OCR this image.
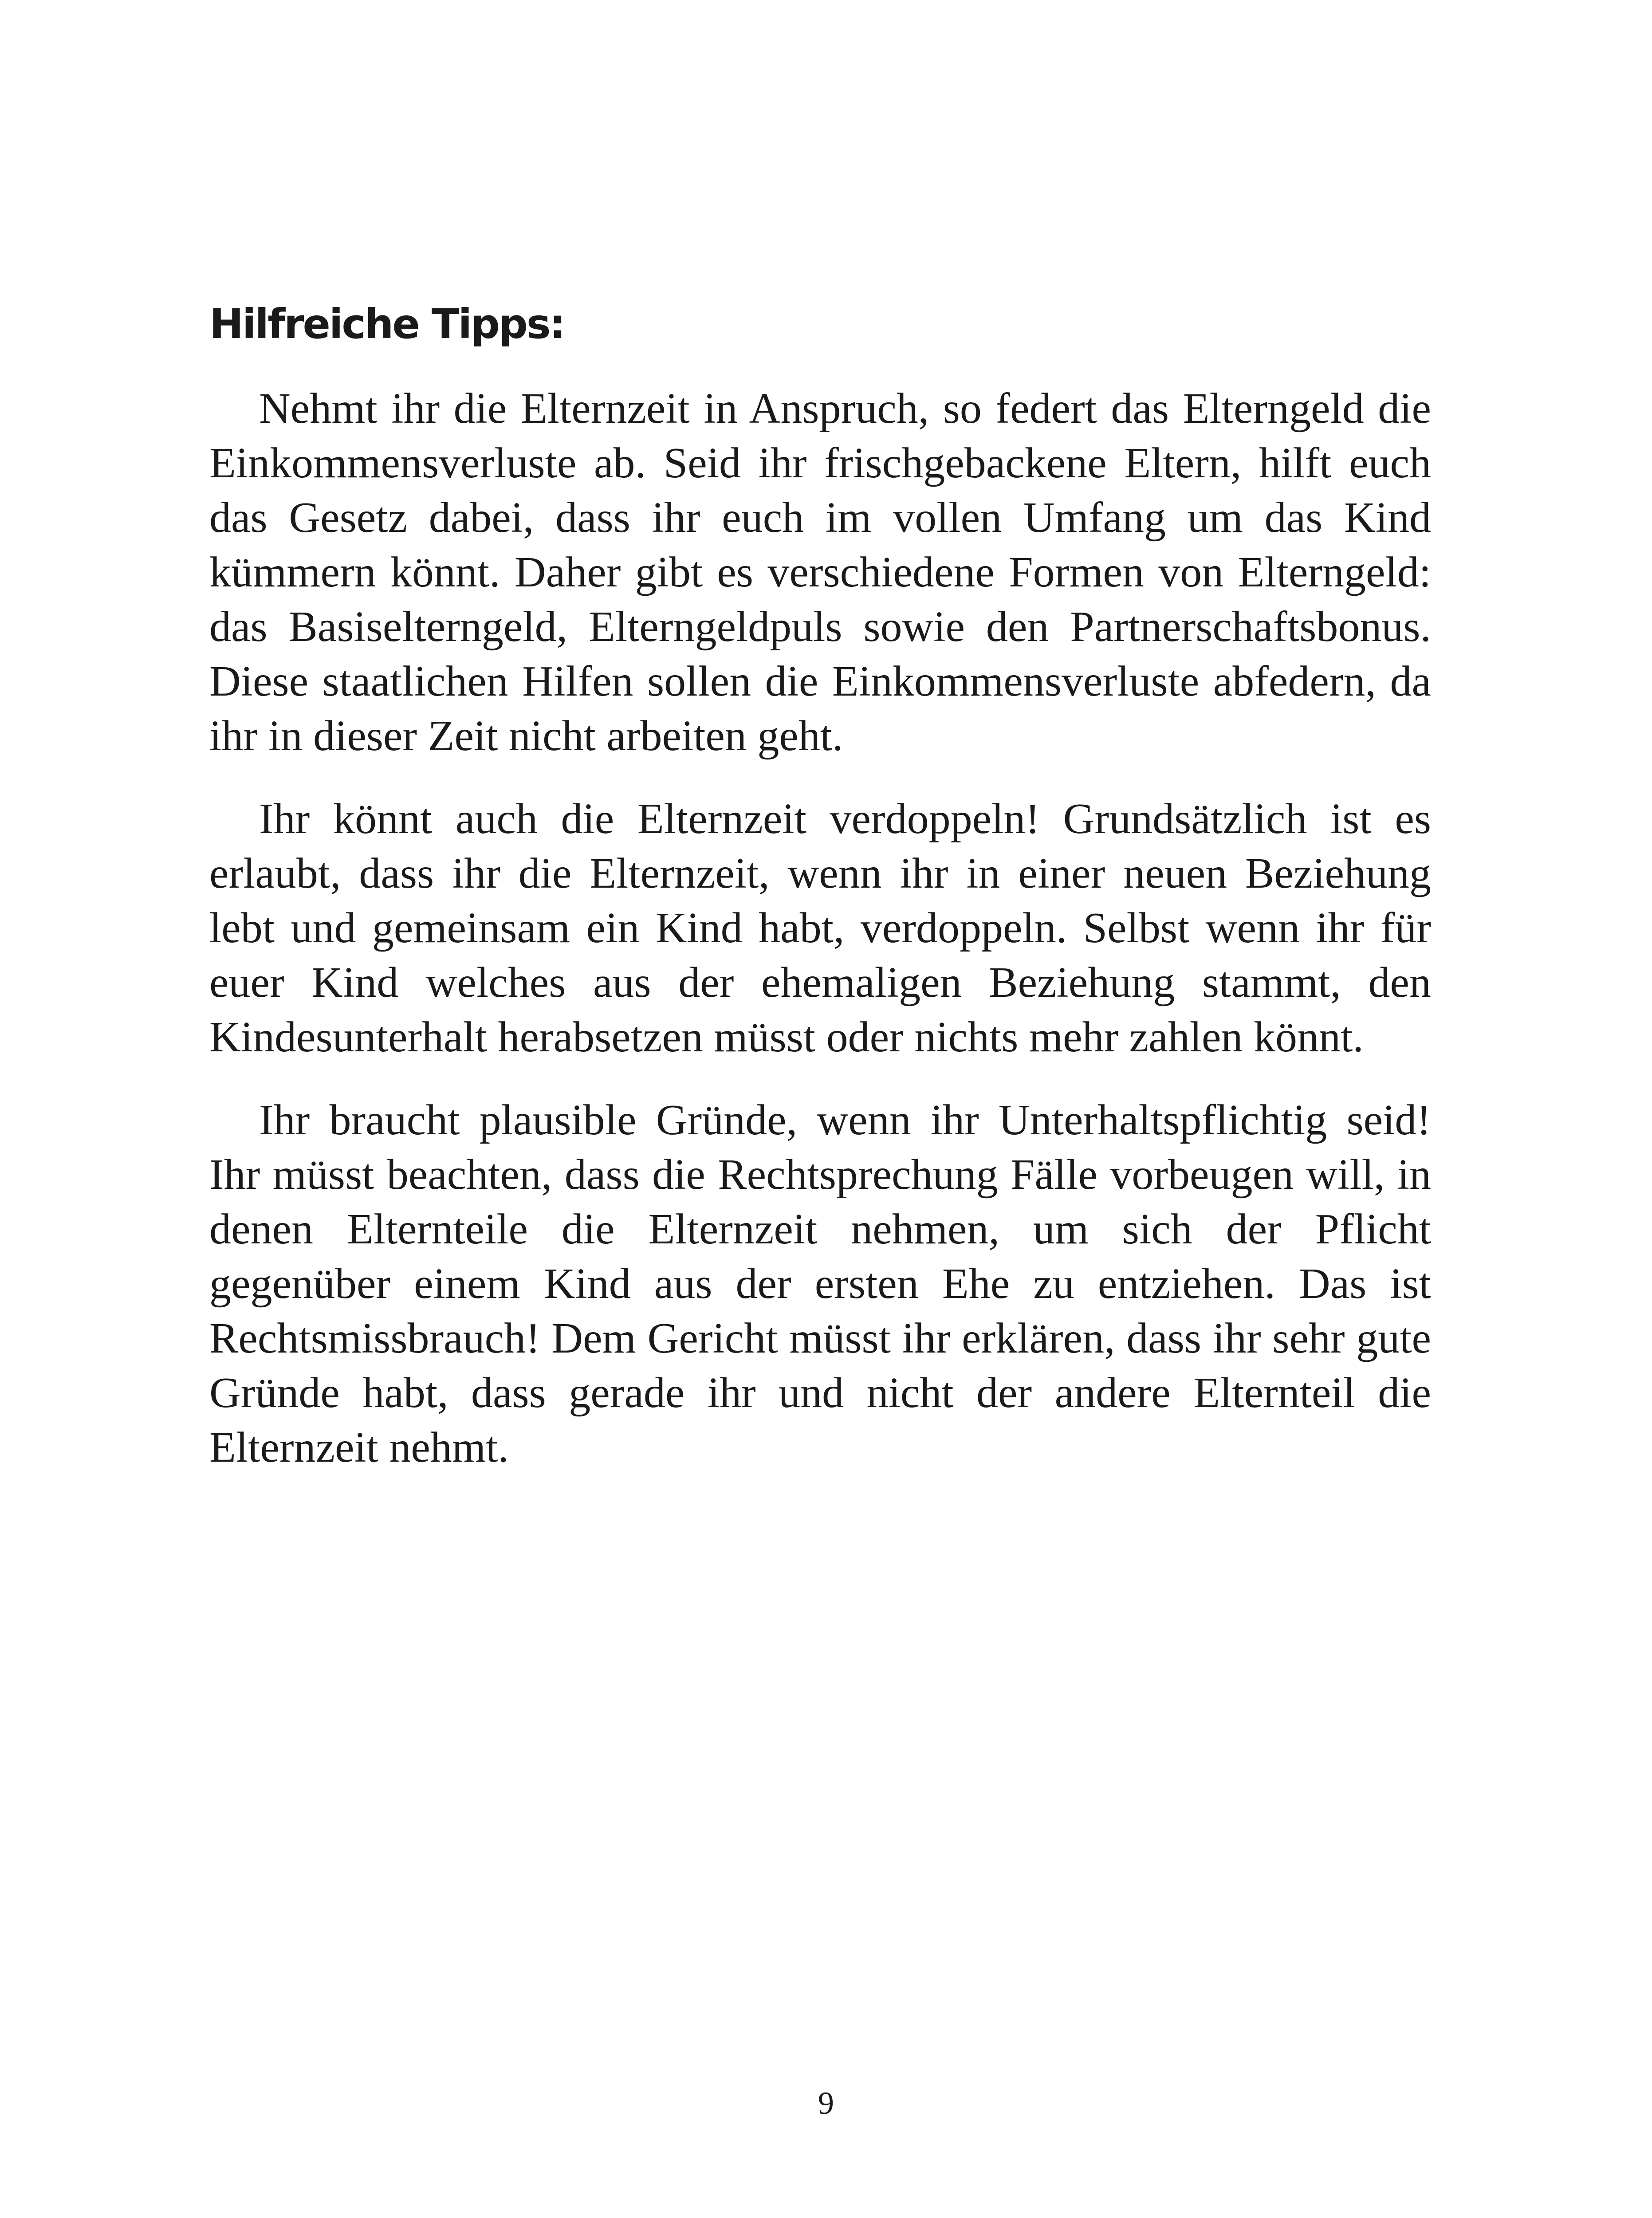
Hilfreiche Tipps:

Nehmt ihr die Elternzeit in Anspruch, so federt das Elterngeld die Einkommensverluste ab. Seid ihr frischgebackene Eltern, hilft euch das Gesetz dabei, dass ihr euch im vollen Umfang um das Kind kümmern könnt. Daher gibt es verschiedene Formen von Elterngeld: das Basiselterngeld, Elterngeldpuls sowie den Partnerschaftsbonus. Diese staatlichen Hilfen sollen die Einkommensverluste abfedern, da ihr in dieser Zeit nicht arbeiten geht.

Ihr könnt auch die Elternzeit verdoppeln! Grundsätzlich ist es erlaubt, dass ihr die Elternzeit, wenn ihr in einer neuen Beziehung lebt und gemeinsam ein Kind habt, verdoppeln. Selbst wenn ihr für euer Kind welches aus der ehemaligen Beziehung stammt, den Kindesunterhalt herabsetzen müsst oder nichts mehr zahlen könnt.

Ihr braucht plausible Gründe, wenn ihr Unterhaltspflichtig seid! Ihr müsst beachten, dass die Rechtsprechung Fälle vorbeugen will, in denen Elternteile die Elternzeit nehmen, um sich der Pflicht gegenüber einem Kind aus der ersten Ehe zu entziehen. Das ist Rechtsmissbrauch! Dem Gericht müsst ihr erklären, dass ihr sehr gute Gründe habt, dass gerade ihr und nicht der andere Elternteil die Elternzeit nehmt.

9
